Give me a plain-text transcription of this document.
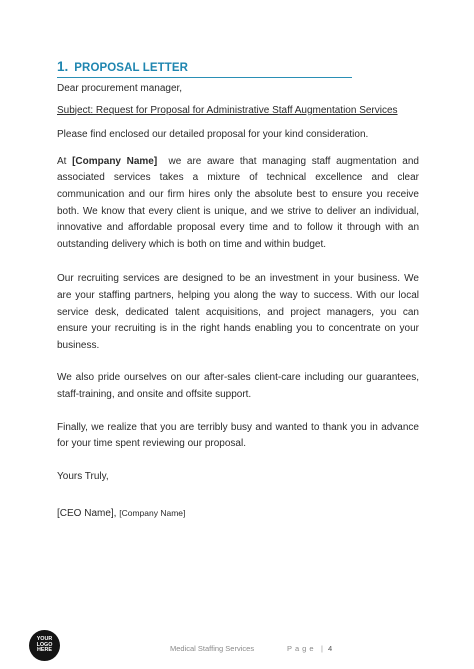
1. PROPOSAL LETTER

Dear procurement manager,

Subject: Request for Proposal for Administrative Staff Augmentation Services

Please find enclosed our detailed proposal for your kind consideration.

At [Company Name] we are aware that managing staff augmentation and associated services takes a mixture of technical excellence and clear communication and our firm hires only the absolute best to ensure you receive both. We know that every client is unique, and we strive to deliver an individual, innovative and affordable proposal every time and to follow it through with an outstanding delivery which is both on time and within budget.

Our recruiting services are designed to be an investment in your business. We are your staffing partners, helping you along the way to success. With our local service desk, dedicated talent acquisitions, and project managers, you can ensure your recruiting is in the right hands enabling you to concentrate on your business.

We also pride ourselves on our after-sales client-care including our guarantees, staff-training, and onsite and offsite support.

Finally, we realize that you are terribly busy and wanted to thank you in advance for your time spent reviewing our proposal.

Yours Truly,

[CEO Name], [Company Name]

YOUR
LOGO
HERE	Medical Staffing Services	Page | 4
